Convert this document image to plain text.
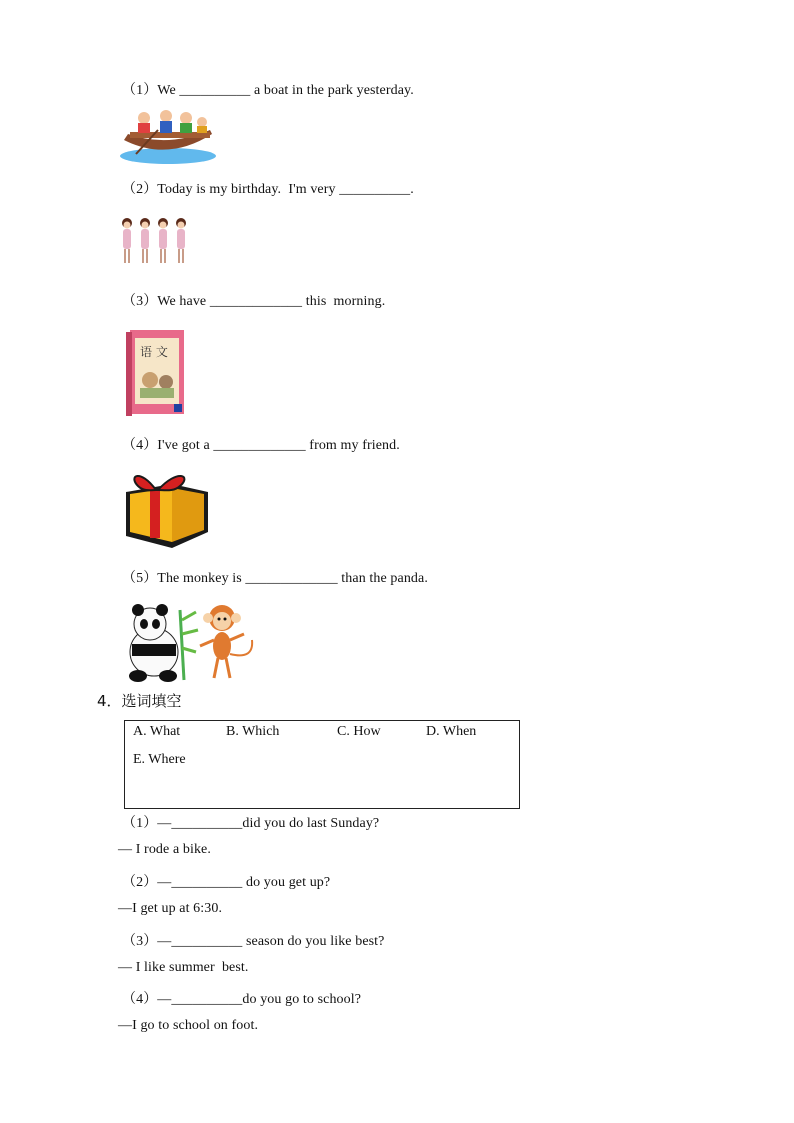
（1）We __________ a boat in the park yesterday.
（2）Today is my birthday.  I'm very __________.
（3）We have _____________ this  morning.
（4）I've got a _____________ from my friend.
（5）The monkey is _____________ than the panda.
语 文
4．选词填空
A. What	B. Which	C. How	D. When
E. Where
（1）—__________did you do last Sunday?
— I rode a bike.
（2）—__________ do you get up?
—I get up at 6:30.
（3）—__________ season do you like best?
— I like summer  best.
（4）—__________do you go to school?
—I go to school on foot.
